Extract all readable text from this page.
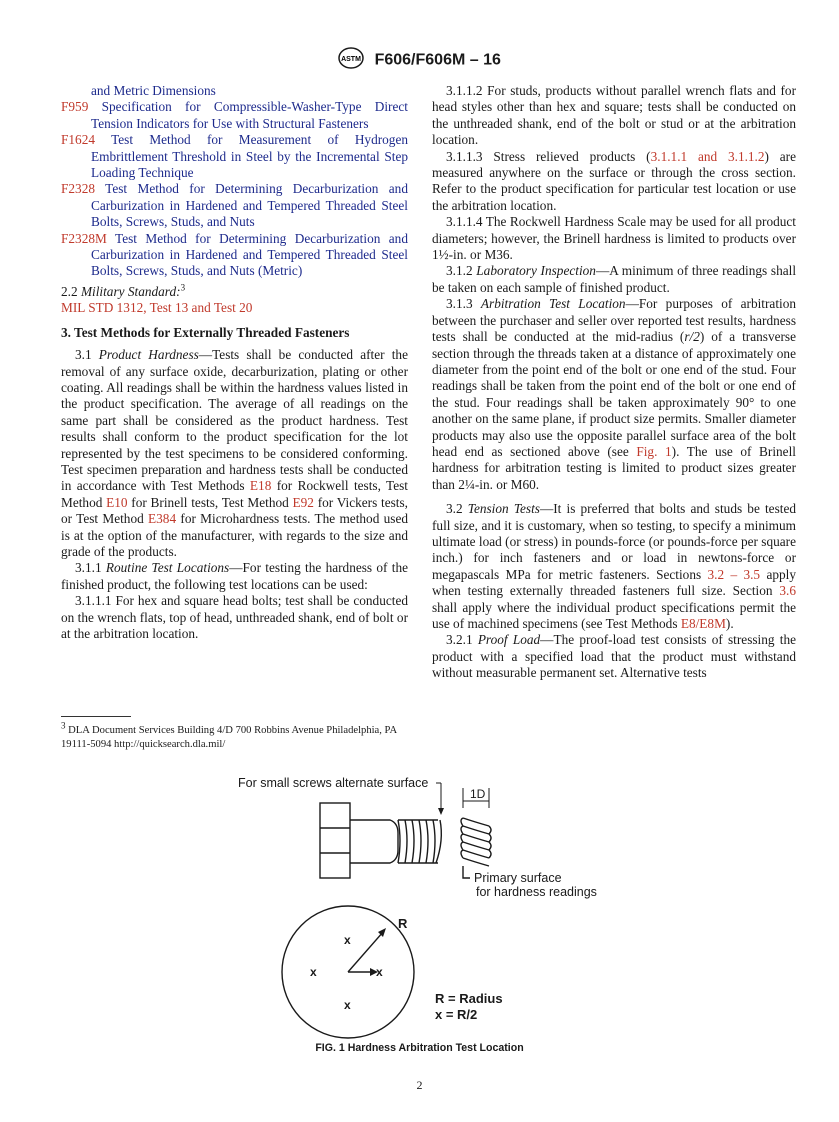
ASTM F606/F606M – 16

and Metric Dimensions

F959 Specification for Compressible-Washer-Type Direct Tension Indicators for Use with Structural Fasteners

F1624 Test Method for Measurement of Hydrogen Embrittlement Threshold in Steel by the Incremental Step Loading Technique

F2328 Test Method for Determining Decarburization and Carburization in Hardened and Tempered Threaded Steel Bolts, Screws, Studs, and Nuts

F2328M Test Method for Determining Decarburization and Carburization in Hardened and Tempered Threaded Steel Bolts, Screws, Studs, and Nuts (Metric)

2.2 Military Standard:$^3$

MIL STD 1312, Test 13 and Test 20

3. Test Methods for Externally Threaded Fasteners

3.1 Product Hardness—Tests shall be conducted after the removal of any surface oxide, decarburization, plating or other coating. All readings shall be within the hardness values listed in the product specification. The average of all readings on the same part shall be considered as the product hardness. Test results shall conform to the product specification for the lot represented by the test specimens to be considered conforming. Test specimen preparation and hardness tests shall be conducted in accordance with Test Methods E18 for Rockwell tests, Test Method E10 for Brinell tests, Test Method E92 for Vickers tests, or Test Method E384 for Microhardness tests. The method used is at the option of the manufacturer, with regards to the size and grade of the products.

3.1.1 Routine Test Locations—For testing the hardness of the finished product, the following test locations can be used:

3.1.1.1 For hex and square head bolts; test shall be conducted on the wrench flats, top of head, unthreaded shank, end of bolt or at the arbitration location.

3.1.1.2 For studs, products without parallel wrench flats and for head styles other than hex and square; tests shall be conducted on the unthreaded shank, end of the bolt or stud or at the arbitration location.

3.1.1.3 Stress relieved products (3.1.1.1 and 3.1.1.2) are measured anywhere on the surface or through the cross section. Refer to the product specification for particular test location or use the arbitration location.

3.1.1.4 The Rockwell Hardness Scale may be used for all product diameters; however, the Brinell hardness is limited to products over 1½-in. or M36.

3.1.2 Laboratory Inspection—A minimum of three readings shall be taken on each sample of finished product.

3.1.3 Arbitration Test Location—For purposes of arbitration between the purchaser and seller over reported test results, hardness tests shall be conducted at the mid-radius (r/2) of a transverse section through the threads taken at a distance of approximately one diameter from the point end of the bolt or one end of the stud. Four readings shall be taken from the point end of the bolt or one end of the stud. Four readings shall be taken approximately 90° to one another on the same plane, if product size permits. Smaller diameter products may also use the opposite parallel surface area of the bolt head end as sectioned above (see Fig. 1). The use of Brinell hardness for arbitration testing is limited to product sizes greater than 2¼-in. or M60.

3.2 Tension Tests—It is preferred that bolts and studs be tested full size, and it is customary, when so testing, to specify a minimum ultimate load (or stress) in pounds-force (or pounds-force per square inch.) for inch fasteners and or load in newtons-force or megapascals MPa for metric fasteners. Sections 3.2 – 3.5 apply when testing externally threaded fasteners full size. Section 3.6 shall apply where the individual product specifications permit the use of machined specimens (see Test Methods E8/E8M).

3.2.1 Proof Load—The proof-load test consists of stressing the product with a specified load that the product must withstand without measurable permanent set. Alternative tests

$^3$ DLA Document Services Building 4/D 700 Robbins Avenue Philadelphia, PA 19111-5094 http://quicksearch.dla.mil/
For small screws alternate surface
1D
Primary surface
for hardness readings
R
x
x	x
x	R = Radius
x = R/2
FIG. 1 Hardness Arbitration Test Location
2
